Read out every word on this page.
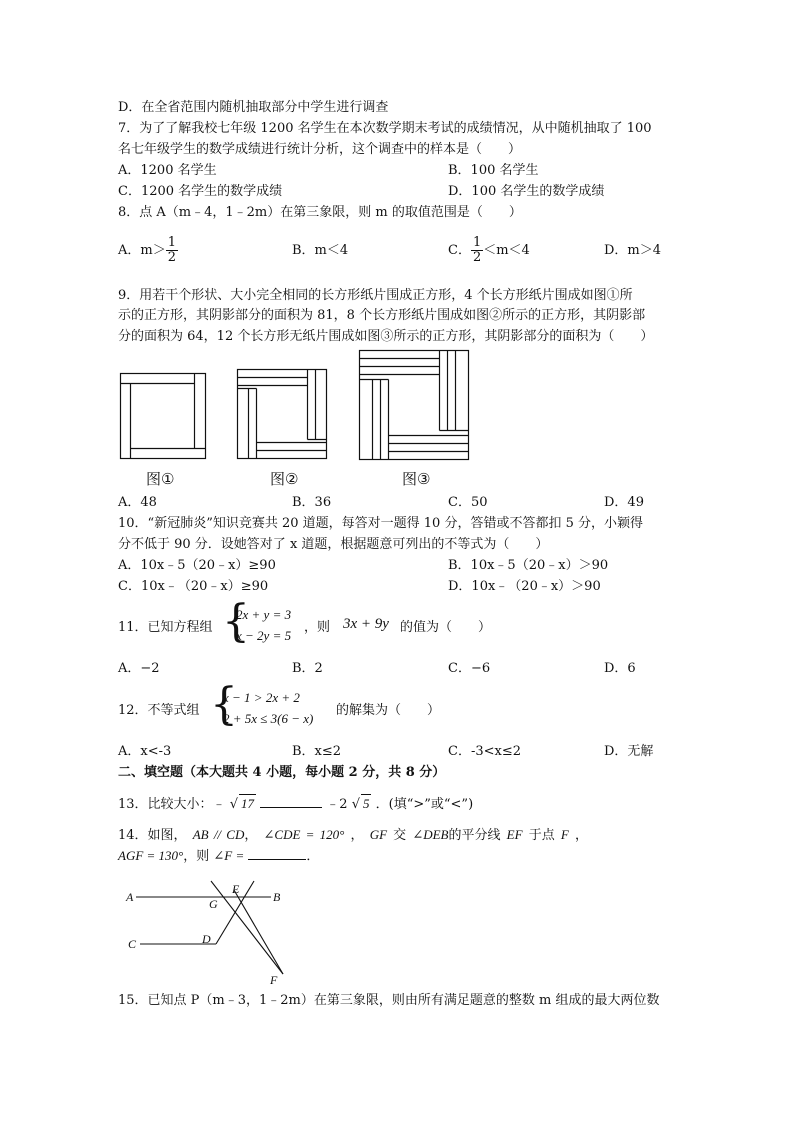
D．在全省范围内随机抽取部分中学生进行调查
7．为了了解我校七年级 1200 名学生在本次数学期末考试的成绩情况，从中随机抽取了 100
名七年级学生的数学成绩进行统计分析，这个调查中的样本是（　　）
A．1200 名学生	B．100 名学生
C．1200 名学生的数学成绩	D．100 名学生的数学成绩
8．点 A（m﹣4，1﹣2m）在第三象限，则 m 的取值范围是（　　）
A．$m> \frac{1}{2}$	B．m＜4	C． $\frac{1}{2} <m<4$	D．m＞4
9．用若干个形状、大小完全相同的长方形纸片围成正方形，4 个长方形纸片围成如图①所
示的正方形，其阴影部分的面积为 81，8 个长方形纸片围成如图②所示的正方形，其阴影部
分的面积为 64，12 个长方形无纸片围成如图③所示的正方形，其阴影部分的面积为（　　）
图①	图②	图③
A．48	B．36	C．50	D．49
10．“新冠肺炎”知识竞赛共 20 道题，每答对一题得 10 分，答错或不答都扣 5 分，小颖得
分不低于 90 分．设她答对了 x 道题，根据题意可列出的不等式为（　　）
A．10x﹣5（20﹣x）≥90	B．10x﹣5（20﹣x）＞90
C．10x﹣（20﹣x）≥90	D．10x﹣（20﹣x）＞90
11．已知方程组 {
2x + y = 3
x − 2y = 5
，则 3x + 9y 的值为（　　）
A．−2	B．2	C．−6	D．6
12．不等式组 {
x − 1 > 2x + 2
2 + 5x ≤ 3(6 − x)
的解集为（　　）
A．x<-3	B．x≤2	C．-3<x≤2	D．无解
二、填空题（本大题共 4 小题，每小题 2 分，共 8 分）
13．比较大小：﹣ √ 17	﹣2 √ 5 ．(填“>”或“<”)
14．如图， AB // CD， ∠CDE = 120° ， GF 交 ∠DEB的平分线 EF 于点 F ，
AGF = 130°，则 ∠F =	．
A	B
C	D
E
G
F
15．已知点 P（m﹣3，1﹣2m）在第三象限，则由所有满足题意的整数 m 组成的最大两位数
